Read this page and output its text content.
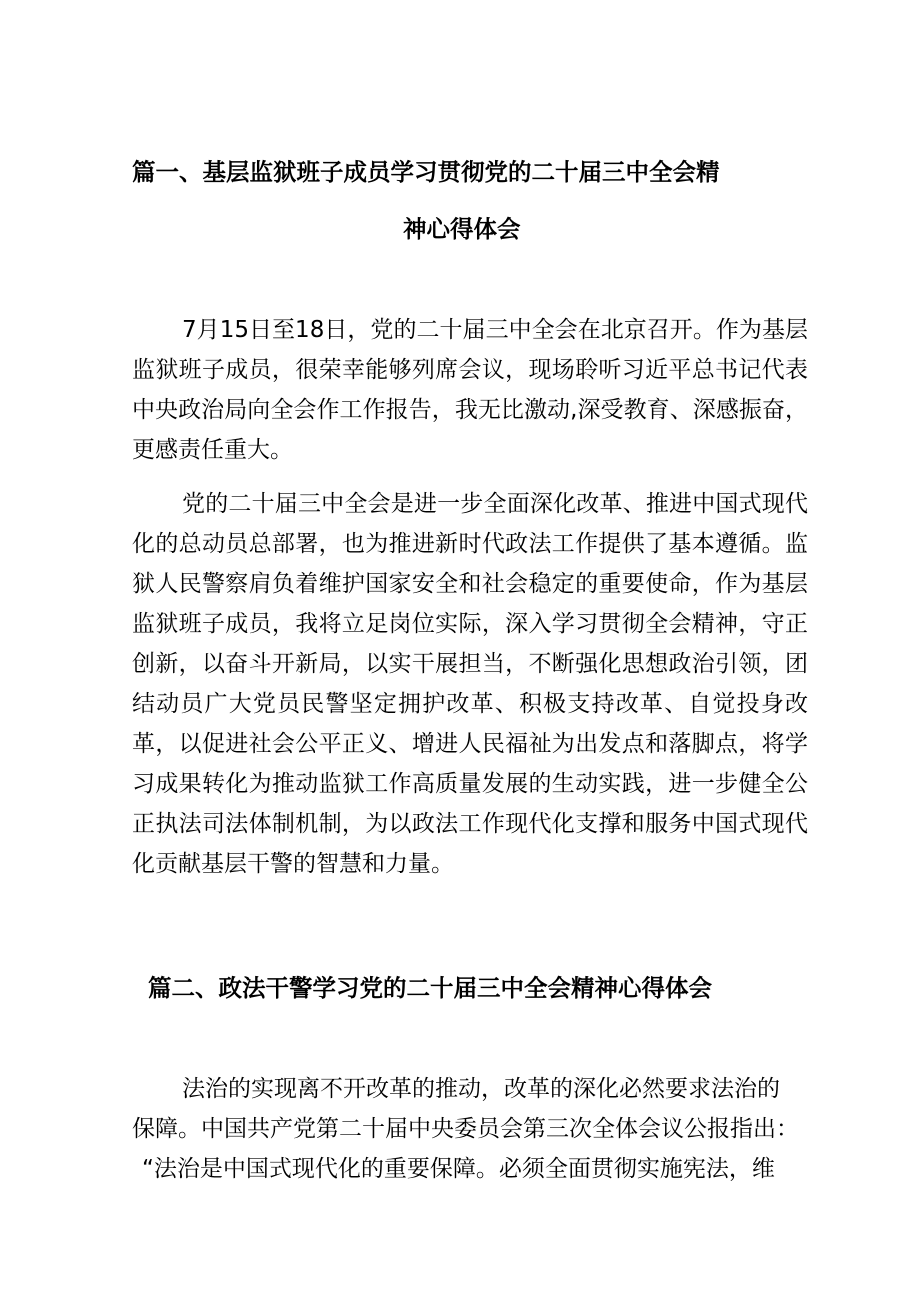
篇一、基层监狱班子成员学习贯彻党的二十届三中全会精
神心得体会

7月15日至18日，党的二十届三中全会在北京召开。作为基层监狱班子成员，很荣幸能够列席会议，现场聆听习近平总书记代表中央政治局向全会作工作报告，我无比激动,深受教育、深感振奋，更感责任重大。

党的二十届三中全会是进一步全面深化改革、推进中国式现代化的总动员总部署，也为推进新时代政法工作提供了基本遵循。监狱人民警察肩负着维护国家安全和社会稳定的重要使命，作为基层监狱班子成员，我将立足岗位实际，深入学习贯彻全会精神，守正创新，以奋斗开新局，以实干展担当，不断强化思想政治引领，团结动员广大党员民警坚定拥护改革、积极支持改革、自觉投身改革，以促进社会公平正义、增进人民福祉为出发点和落脚点，将学习成果转化为推动监狱工作高质量发展的生动实践，进一步健全公正执法司法体制机制，为以政法工作现代化支撑和服务中国式现代化贡献基层干警的智慧和力量。

篇二、政法干警学习党的二十届三中全会精神心得体会

法治的实现离不开改革的推动，改革的深化必然要求法治的

保障。中国共产党第二十届中央委员会第三次全体会议公报指出：

“法治是中国式现代化的重要保障。必须全面贯彻实施宪法，维
